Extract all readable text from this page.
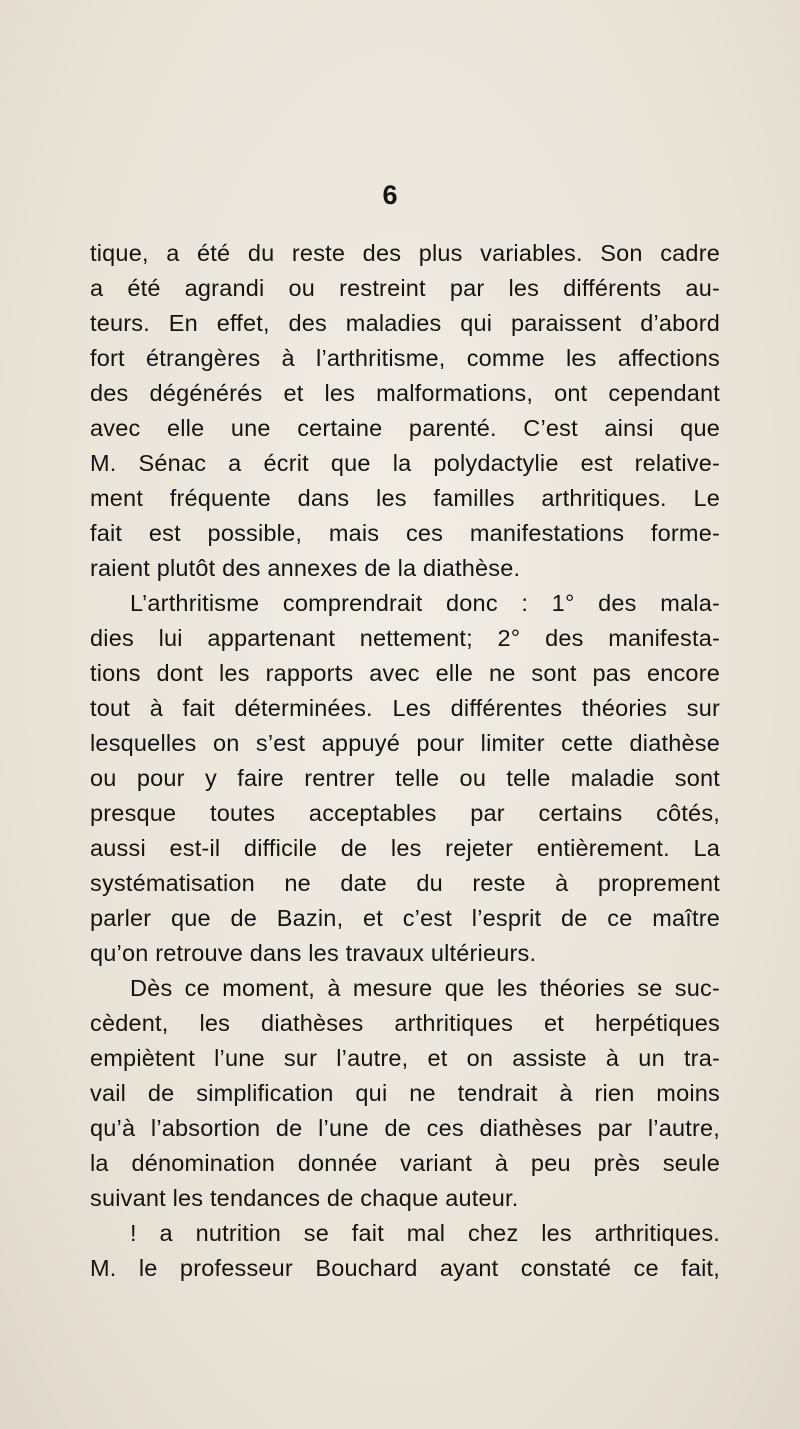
6
tique, a été du reste des plus variables. Son cadre
a été agrandi ou restreint par les différents au-
teurs. En effet, des maladies qui paraissent d’abord
fort étrangères à l’arthritisme, comme les affections
des dégénérés et les malformations, ont cependant
avec elle une certaine parenté. C’est ainsi que
M. Sénac a écrit que la polydactylie est relative-
ment fréquente dans les familles arthritiques. Le
fait est possible, mais ces manifestations forme-
raient plutôt des annexes de la diathèse.
L’arthritisme comprendrait donc : 1° des mala-
dies lui appartenant nettement; 2° des manifesta-
tions dont les rapports avec elle ne sont pas encore
tout à fait déterminées. Les différentes théories sur
lesquelles on s’est appuyé pour limiter cette diathèse
ou pour y faire rentrer telle ou telle maladie sont
presque toutes acceptables par certains côtés,
aussi est-il difficile de les rejeter entièrement. La
systématisation ne date du reste à proprement
parler que de Bazin, et c’est l’esprit de ce maître
qu’on retrouve dans les travaux ultérieurs.
Dès ce moment, à mesure que les théories se suc-
cèdent, les diathèses arthritiques et herpétiques
empiètent l’une sur l’autre, et on assiste à un tra-
vail de simplification qui ne tendrait à rien moins
qu’à l’absortion de l’une de ces diathèses par l’autre,
la dénomination donnée variant à peu près seule
suivant les tendances de chaque auteur.
! a nutrition se fait mal chez les arthritiques.
M. le professeur Bouchard ayant constaté ce fait,
